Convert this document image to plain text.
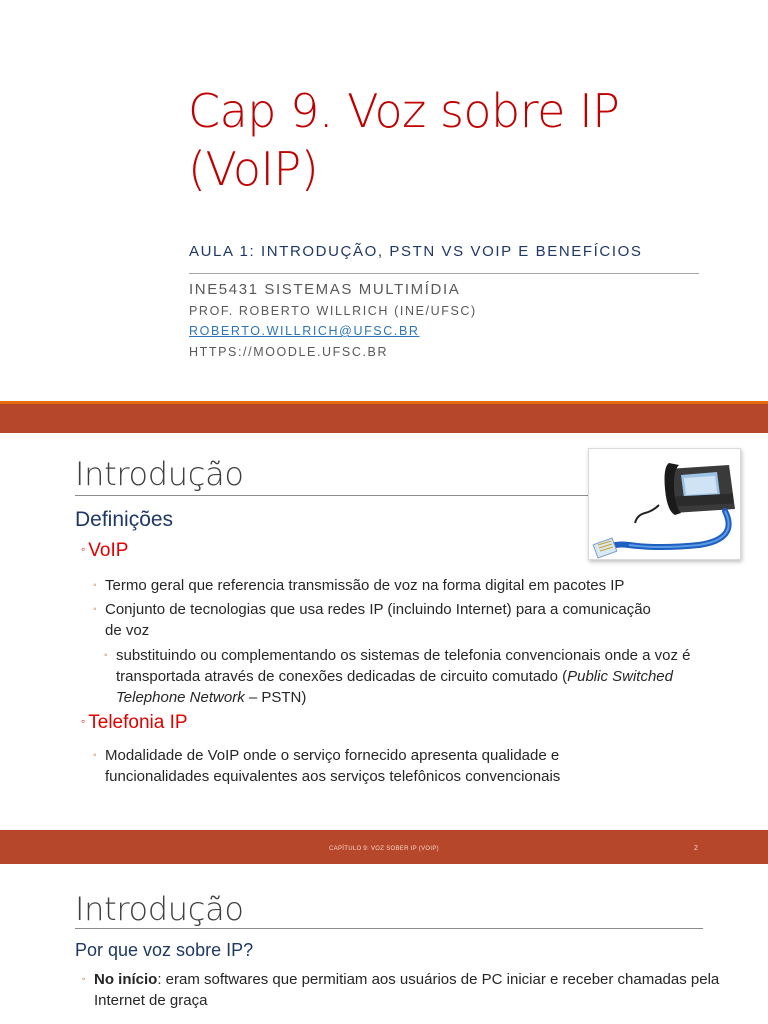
Cap 9. Voz sobre IP
(VoIP)
AULA 1: INTRODUÇÃO, PSTN VS VOIP E BENEFÍCIOS
INE5431 SISTEMAS MULTIMÍDIA
PROF. ROBERTO WILLRICH (INE/UFSC)
ROBERTO.WILLRICH@UFSC.BR
HTTPS://MOODLE.UFSC.BR
Introdução
Definições
◦ VoIP
◦ Termo geral que referencia transmissão de voz na forma digital em pacotes IP
◦ Conjunto de tecnologias que usa redes IP (incluindo Internet) para a comunicação de voz
◦ substituindo ou complementando os sistemas de telefonia convencionais onde a voz é transportada através de conexões dedicadas de circuito comutado (Public Switched Telephone Network – PSTN)
◦ Telefonia IP
◦ Modalidade de VoIP onde o serviço fornecido apresenta qualidade e funcionalidades equivalentes aos serviços telefônicos convencionais
CAPÍTULO 9: VOZ SOBER IP (VOIP)	2
Introdução
Por que voz sobre IP?
◦ No início: eram softwares que permitiam aos usuários de PC iniciar e receber chamadas pela Internet de graça
